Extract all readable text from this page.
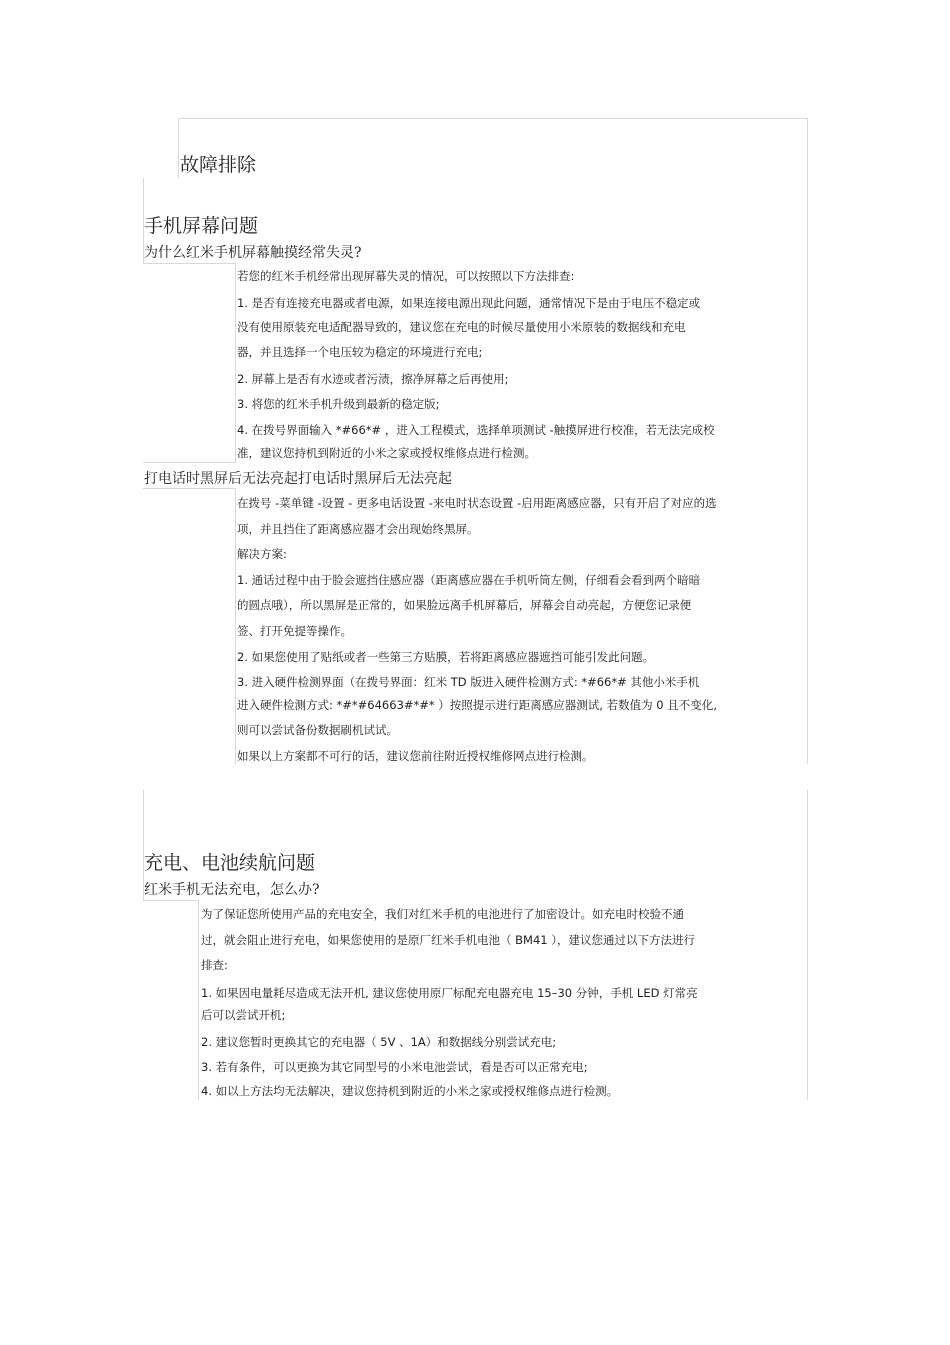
故障排除
手机屏幕问题
为什么红米手机屏幕触摸经常失灵?
若您的红米手机经常出现屏幕失灵的情况，可以按照以下方法排查:
1. 是否有连接充电器或者电源，如果连接电源出现此问题，通常情况下是由于电压不稳定或
没有使用原装充电适配器导致的，建议您在充电的时候尽量使用小米原装的数据线和充电
器，并且选择一个电压较为稳定的环境进行充电;
2. 屏幕上是否有水迹或者污渍，擦净屏幕之后再使用;
3. 将您的红米手机升级到最新的稳定版;
4. 在拨号界面输入 *#66*# ，进入工程模式，选择单项测试 -触摸屏进行校准，若无法完成校
准，建议您持机到附近的小米之家或授权维修点进行检测。
打电话时黑屏后无法亮起打电话时黑屏后无法亮起
在拨号 -菜单键 -设置 - 更多电话设置 -来电时状态设置 -启用距离感应器，只有开启了对应的选
项，并且挡住了距离感应器才会出现始终黑屏。
解决方案:
1. 通话过程中由于脸会遮挡住感应器（距离感应器在手机听筒左侧，仔细看会看到两个暗暗
的圆点哦），所以黑屏是正常的，如果脸远离手机屏幕后，屏幕会自动亮起，方便您记录便
签、打开免提等操作。
2. 如果您使用了贴纸或者一些第三方贴膜，若将距离感应器遮挡可能引发此问题。
3. 进入硬件检测界面（在拨号界面：红米 TD 版进入硬件检测方式: *#66*# 其他小米手机
进入硬件检测方式: *#*#64663#*#* ）按照提示进行距离感应器测试, 若数值为 0 且不变化,
则可以尝试备份数据刷机试试。
如果以上方案都不可行的话，建议您前往附近授权维修网点进行检测。
充电、电池续航问题
红米手机无法充电，怎么办?
为了保证您所使用产品的充电安全，我们对红米手机的电池进行了加密设计。如充电时校验不通
过，就会阻止进行充电，如果您使用的是原厂红米手机电池（ BM41 ），建议您通过以下方法进行
排查:
1. 如果因电量耗尽造成无法开机, 建议您使用原厂标配充电器充电 15–30 分钟，手机 LED 灯常亮
后可以尝试开机;
2. 建议您暂时更换其它的充电器（ 5V 、1A）和数据线分别尝试充电;
3. 若有条件，可以更换为其它同型号的小米电池尝试，看是否可以正常充电;
4. 如以上方法均无法解决，建议您持机到附近的小米之家或授权维修点进行检测。
